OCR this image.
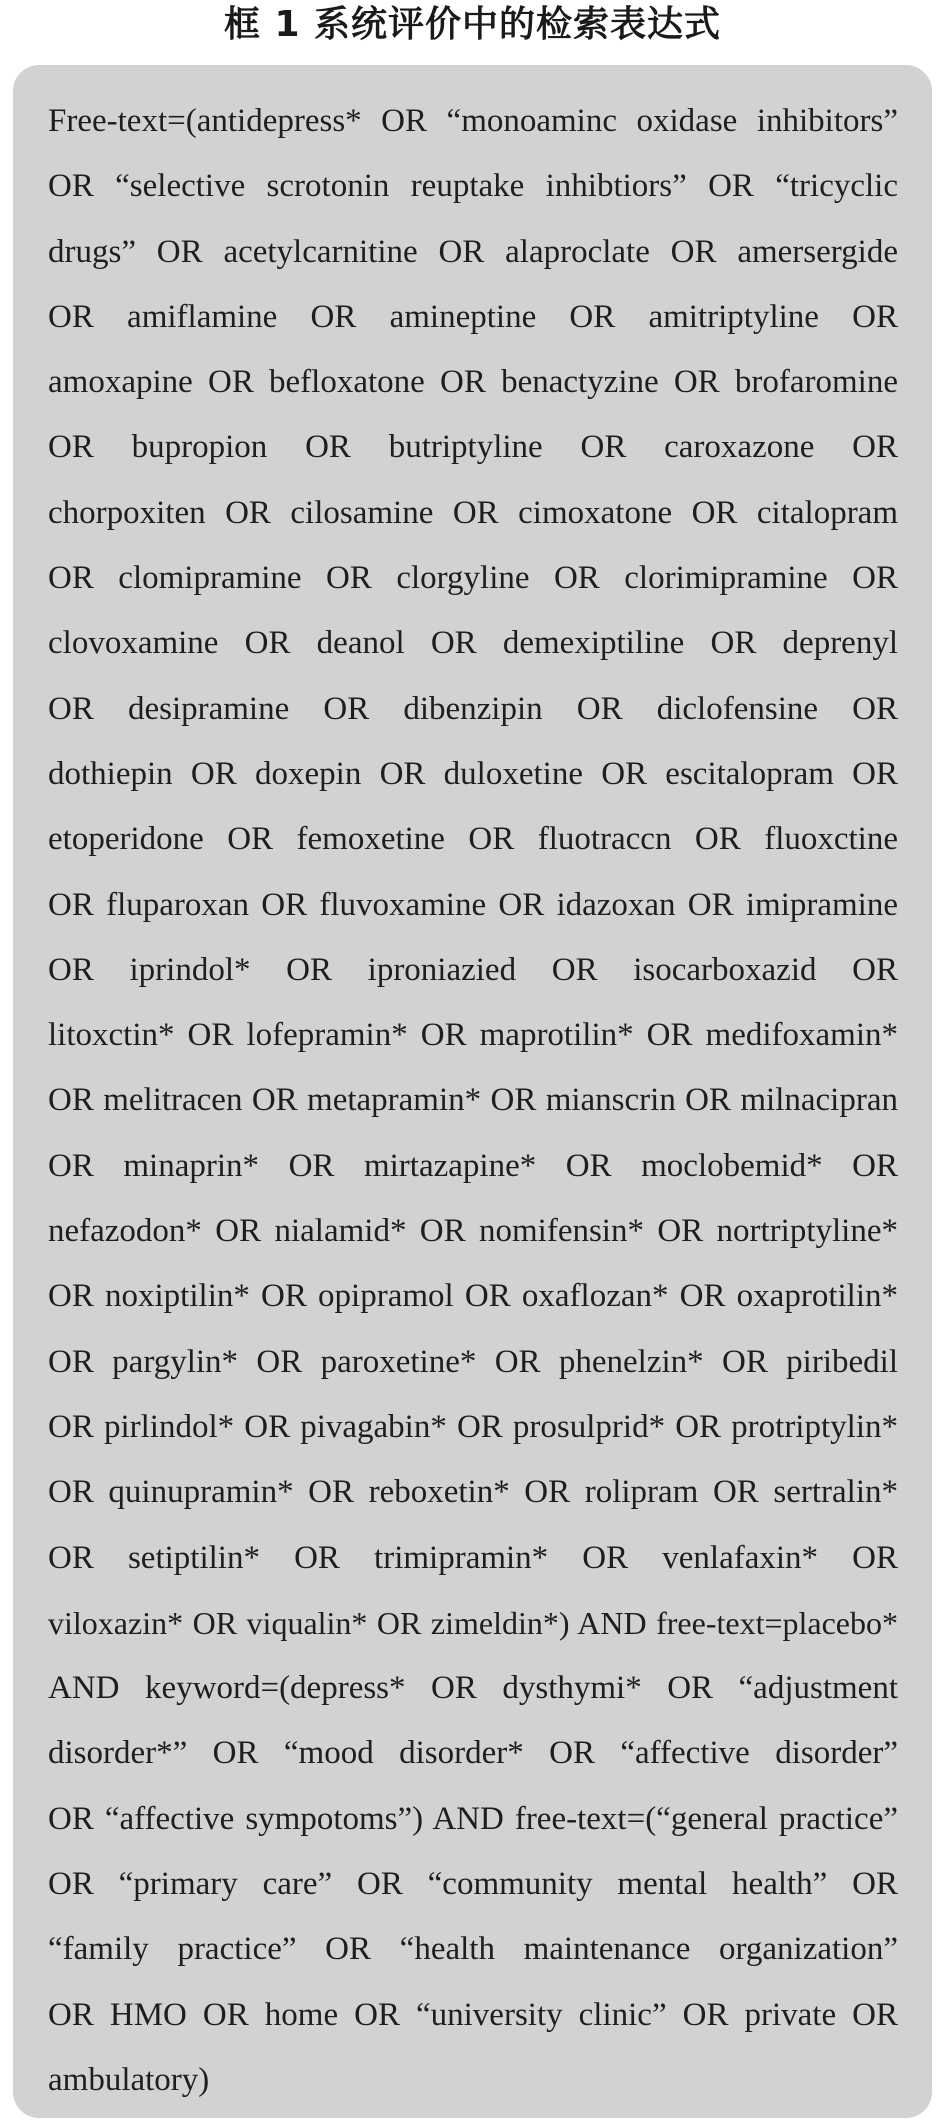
框 1 系统评价中的检索表达式
Free-text=(antidepress* OR “monoaminc oxidase inhibitors”
OR “selective scrotonin reuptake inhibtiors” OR “tricyclic
drugs” OR acetylcarnitine OR alaproclate OR amersergide
OR amiflamine OR amineptine OR amitriptyline OR
amoxapine OR befloxatone OR benactyzine OR brofaromine
OR bupropion OR butriptyline OR caroxazone OR
chorpoxiten OR cilosamine OR cimoxatone OR citalopram
OR clomipramine OR clorgyline OR clorimipramine OR
clovoxamine OR deanol OR demexiptiline OR deprenyl
OR desipramine OR dibenzipin OR diclofensine OR
dothiepin OR doxepin OR duloxetine OR escitalopram OR
etoperidone OR femoxetine OR fluotraccn OR fluoxctine
OR fluparoxan OR fluvoxamine OR idazoxan OR imipramine
OR iprindol* OR iproniazied OR isocarboxazid OR
litoxctin* OR lofepramin* OR maprotilin* OR medifoxamin*
OR melitracen OR metapramin* OR mianscrin OR milnacipran
OR minaprin* OR mirtazapine* OR moclobemid* OR
nefazodon* OR nialamid* OR nomifensin* OR nortriptyline*
OR noxiptilin* OR opipramol OR oxaflozan* OR oxaprotilin*
OR pargylin* OR paroxetine* OR phenelzin* OR piribedil
OR pirlindol* OR pivagabin* OR prosulprid* OR protriptylin*
OR quinupramin* OR reboxetin* OR rolipram OR sertralin*
OR setiptilin* OR trimipramin* OR venlafaxin* OR
viloxazin* OR viqualin* OR zimeldin*) AND free-text=placebo*
AND keyword=(depress* OR dysthymi* OR “adjustment
disorder*” OR “mood disorder* OR “affective disorder”
OR “affective sympotoms”) AND free-text=(“general practice”
OR “primary care” OR “community mental health” OR
“family practice” OR “health maintenance organization”
OR HMO OR home OR “university clinic” OR private OR
ambulatory)
